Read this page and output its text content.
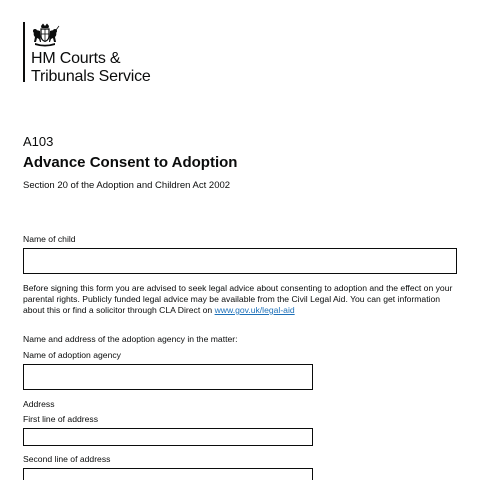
HM Courts &
Tribunals Service
A103
Advance Consent to Adoption
Section 20 of the Adoption and Children Act 2002
Name of child
Before signing this form you are advised to seek legal advice about consenting to adoption and the effect on your parental rights. Publicly funded legal advice may be available from the Civil Legal Aid. You can get information about this or find a solicitor through CLA Direct on www.gov.uk/legal-aid
Name and address of the adoption agency in the matter:
Name of adoption agency
Address
First line of address
Second line of address
